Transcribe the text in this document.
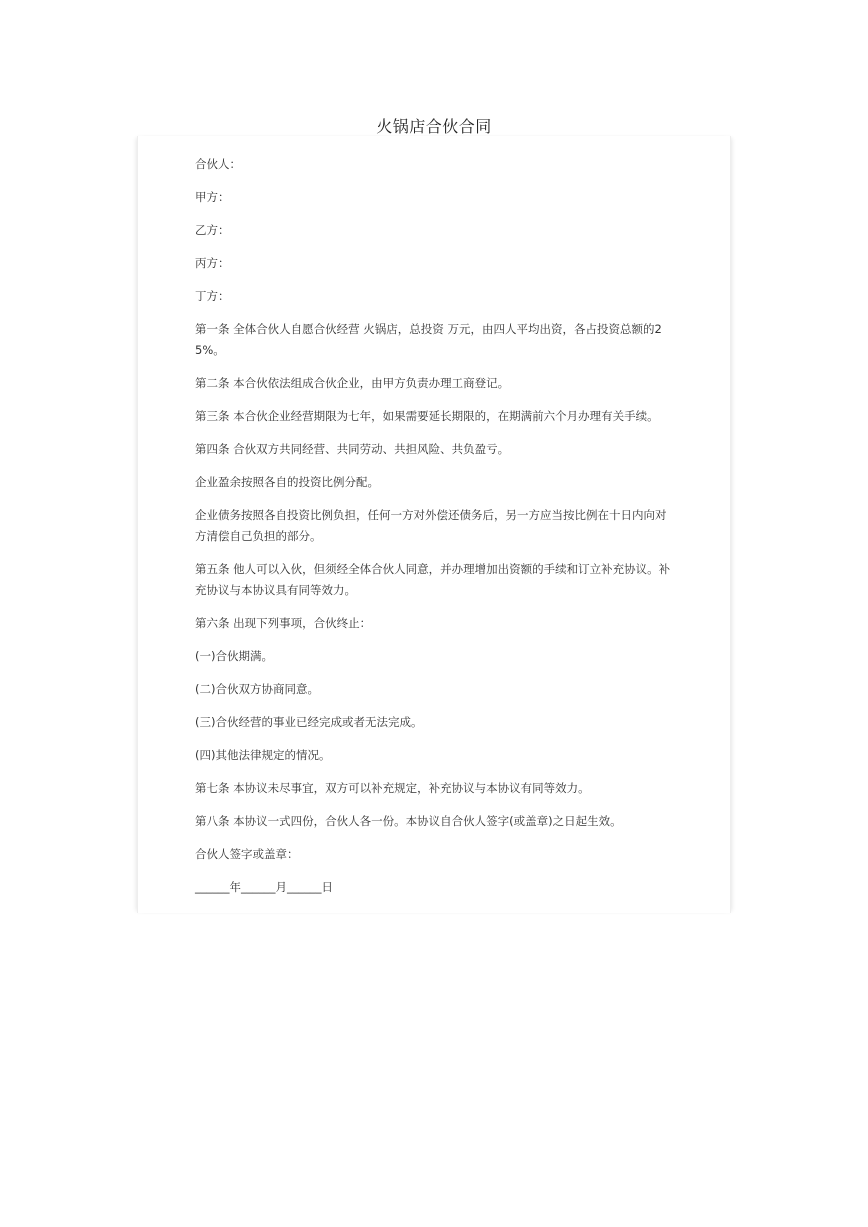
火锅店合伙合同

合伙人：

甲方：

乙方：

丙方：

丁方：

第一条 全体合伙人自愿合伙经营 火锅店，总投资 万元，由四人平均出资，各占投资总额的25%。

第二条 本合伙依法组成合伙企业，由甲方负责办理工商登记。

第三条 本合伙企业经营期限为七年，如果需要延长期限的，在期满前六个月办理有关手续。

第四条 合伙双方共同经营、共同劳动、共担风险、共负盈亏。

企业盈余按照各自的投资比例分配。

企业债务按照各自投资比例负担，任何一方对外偿还债务后，另一方应当按比例在十日内向对方清偿自己负担的部分。

第五条 他人可以入伙，但须经全体合伙人同意，并办理增加出资额的手续和订立补充协议。补充协议与本协议具有同等效力。

第六条 出现下列事项，合伙终止：

(一)合伙期满。

(二)合伙双方协商同意。

(三)合伙经营的事业已经完成或者无法完成。

(四)其他法律规定的情况。

第七条 本协议未尽事宜，双方可以补充规定，补充协议与本协议有同等效力。

第八条 本协议一式四份，合伙人各一份。本协议自合伙人签字(或盖章)之日起生效。

合伙人签字或盖章：

______年______月______日
